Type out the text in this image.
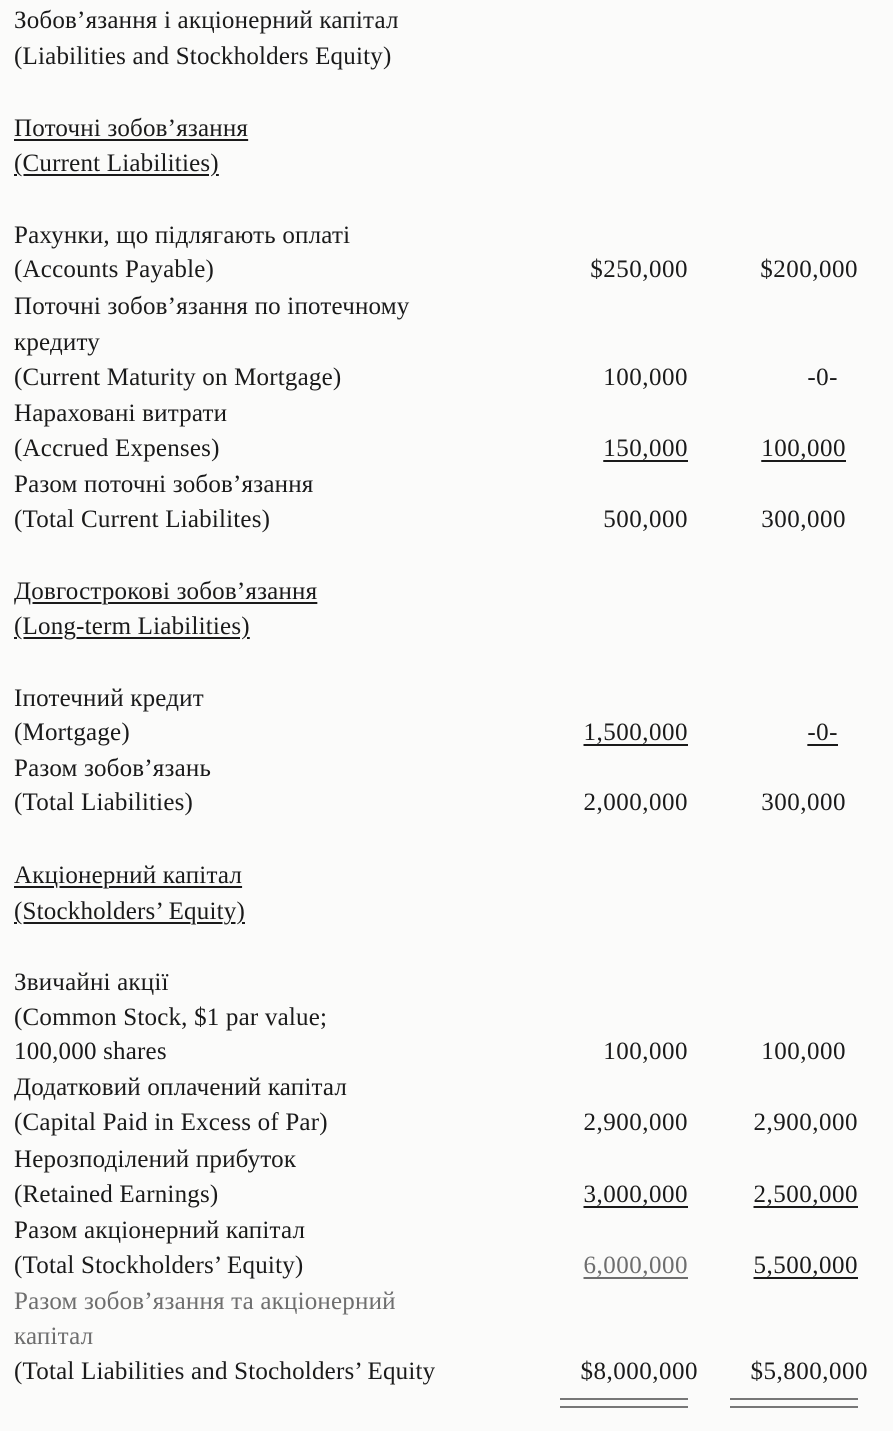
Зобов’язання і акціонерний капітал
(Liabilities and Stockholders Equity)
Поточні зобов’язання
(Current Liabilities)
Рахунки, що підлягають оплаті
(Accounts Payable)	$250,000	$200,000
Поточні зобов’язання по іпотечному
кредиту
(Current Maturity on Mortgage)	100,000	-0-
Нараховані витрати
(Accrued Expenses)	150,000	100,000
Разом поточні зобов’язання
(Total Current Liabilites)	500,000	300,000
Довгострокові зобов’язання
(Long-term Liabilities)
Іпотечний кредит
(Mortgage)	1,500,000	-0-
Разом зобов’язань
(Total Liabilities)	2,000,000	300,000
Акціонерний капітал
(Stockholders’ Equity)
Звичайні акції
(Common Stock, $1 par value;
100,000 shares	100,000	100,000
Додатковий оплачений капітал
(Capital Paid in Excess of Par)	2,900,000	2,900,000
Нерозподілений прибуток
(Retained Earnings)	3,000,000	2,500,000
Разом акціонерний капітал
(Total Stockholders’ Equity)	6,000,000	5,500,000
Разом зобов’язання та акціонерний
капітал
(Total Liabilities and Stocholders’ Equity	$8,000,000 $5,800,000
